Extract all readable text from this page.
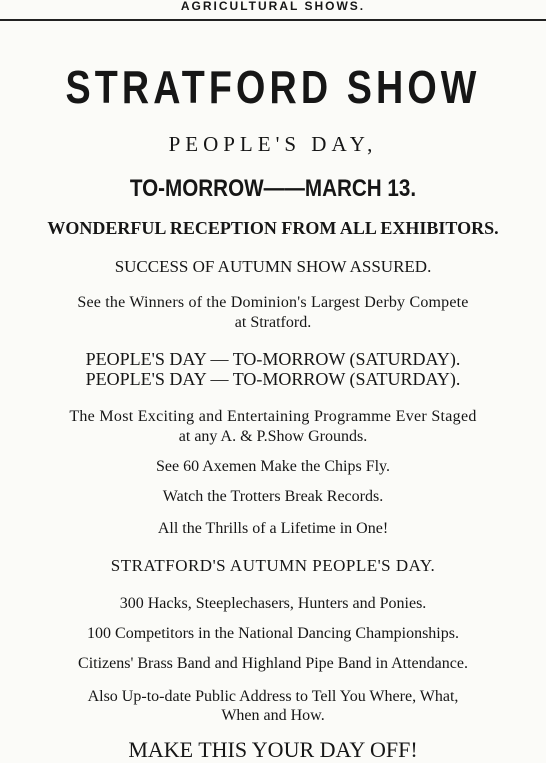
AGRICULTURAL SHOWS.
STRATFORD SHOW
PEOPLE'S DAY,
TO-MORROW——MARCH 13.
WONDERFUL RECEPTION FROM ALL EXHIBITORS.
SUCCESS OF AUTUMN SHOW ASSURED.
See the Winners of the Dominion's Largest Derby Compete
at Stratford.
PEOPLE'S DAY — TO-MORROW (SATURDAY).
PEOPLE'S DAY — TO-MORROW (SATURDAY).
The Most Exciting and Entertaining Programme Ever Staged
at any A. & P.Show Grounds.
See 60 Axemen Make the Chips Fly.
Watch the Trotters Break Records.
All the Thrills of a Lifetime in One!
STRATFORD'S AUTUMN PEOPLE'S DAY.
300 Hacks, Steeplechasers, Hunters and Ponies.
100 Competitors in the National Dancing Championships.
Citizens' Brass Band and Highland Pipe Band in Attendance.
Also Up-to-date Public Address to Tell You Where, What,
When and How.
MAKE THIS YOUR DAY OFF!
